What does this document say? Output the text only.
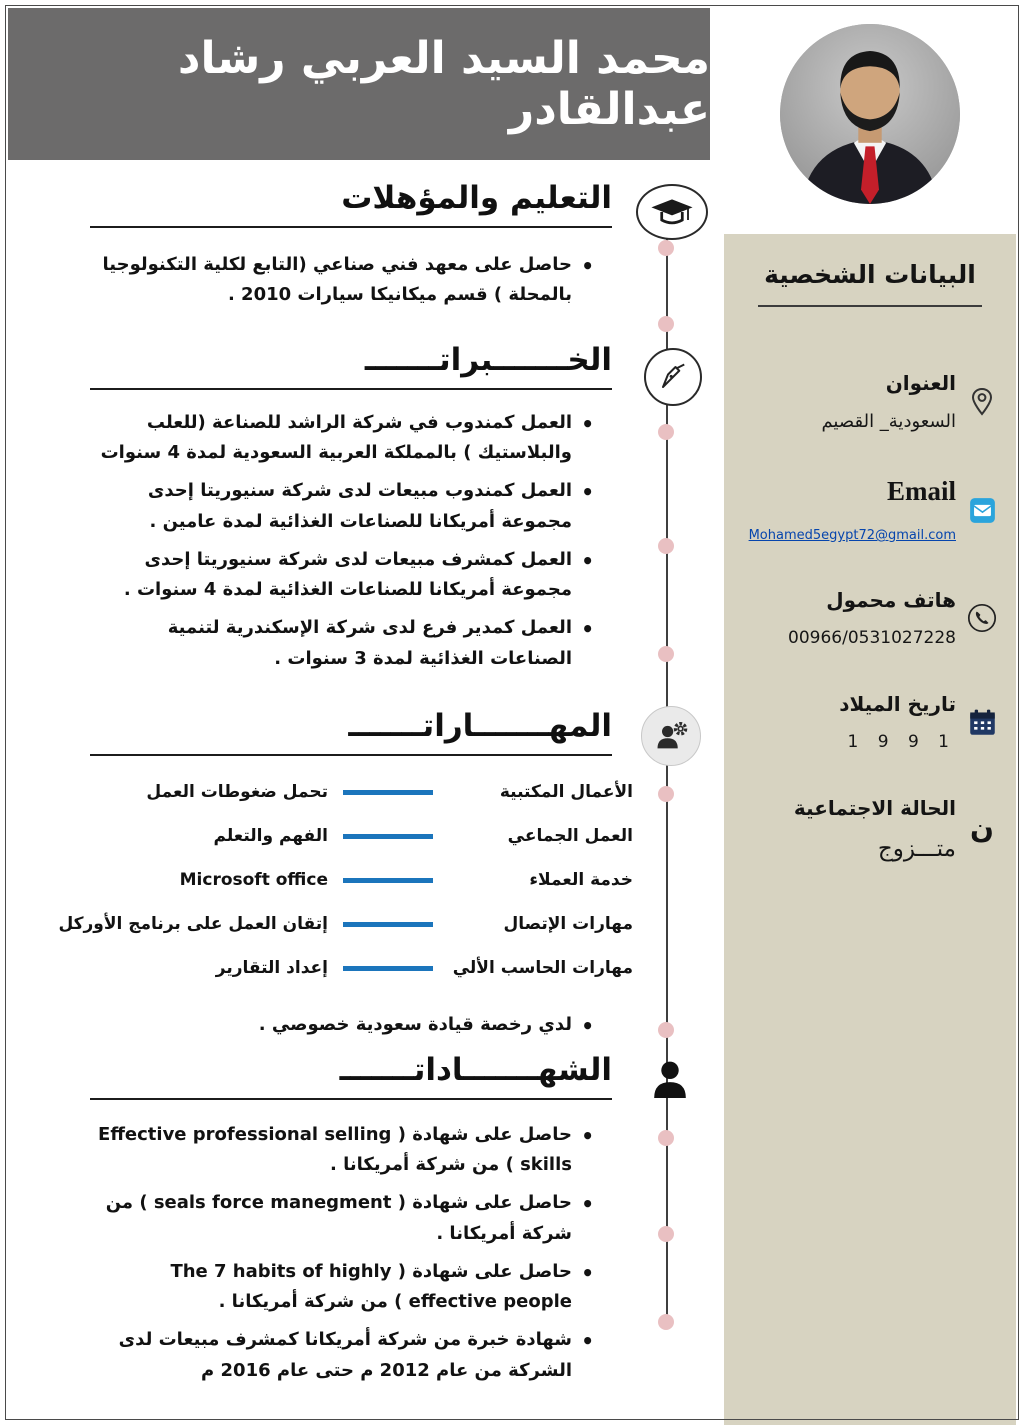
محمد السيد العربي رشاد عبدالقادر
البيانات الشخصية
العنوان
السعودية_ القصيم
Email
Mohamed5egypt72@gmail.com
هاتف محمول
00966/0531027228
تاريخ الميلاد
1 9 9 1
ن
الحالة الاجتماعية
متـــزوج
التعليم والمؤهلات
• حاصل على معهد فني صناعي (التابع لكلية التكنولوجيا بالمحلة ) قسم ميكانيكا سيارات 2010 .
الخـــــــبراتـــــــ
• العمل كمندوب في شركة الراشد للصناعة (للعلب والبلاستيك ) بالمملكة العربية السعودية لمدة 4 سنوات
• العمل كمندوب مبيعات لدى شركة سنيوريتا إحدى مجموعة أمريكانا للصناعات الغذائية لمدة عامين .
• العمل كمشرف مبيعات لدى شركة سنيوريتا إحدى مجموعة أمريكانا للصناعات الغذائية لمدة 4 سنوات .
• العمل كمدير فرع لدى شركة الإسكندرية لتنمية الصناعات الغذائية لمدة 3 سنوات .
المهـــــــاراتـــــــ
الأعمال المكتبية
تحمل ضغوطات العمل
العمل الجماعي
الفهم والتعلم
خدمة العملاء
Microsoft office
مهارات الإتصال
إتقان العمل على برنامج الأوركل
مهارات الحاسب الألي
إعداد التقارير
• لدي رخصة قيادة سعودية خصوصي .
الشهـــــــاداتـــــــ
• حاصل على شهادة ( Effective professional selling skills ) من شركة أمريكانا .
• حاصل على شهادة ( seals force manegment ) من شركة أمريكانا .
• حاصل على شهادة ( The 7 habits of highly effective people ) من شركة أمريكانا .
• شهادة خبرة من شركة أمريكانا كمشرف مبيعات لدى الشركة من عام 2012 م حتى عام 2016 م
